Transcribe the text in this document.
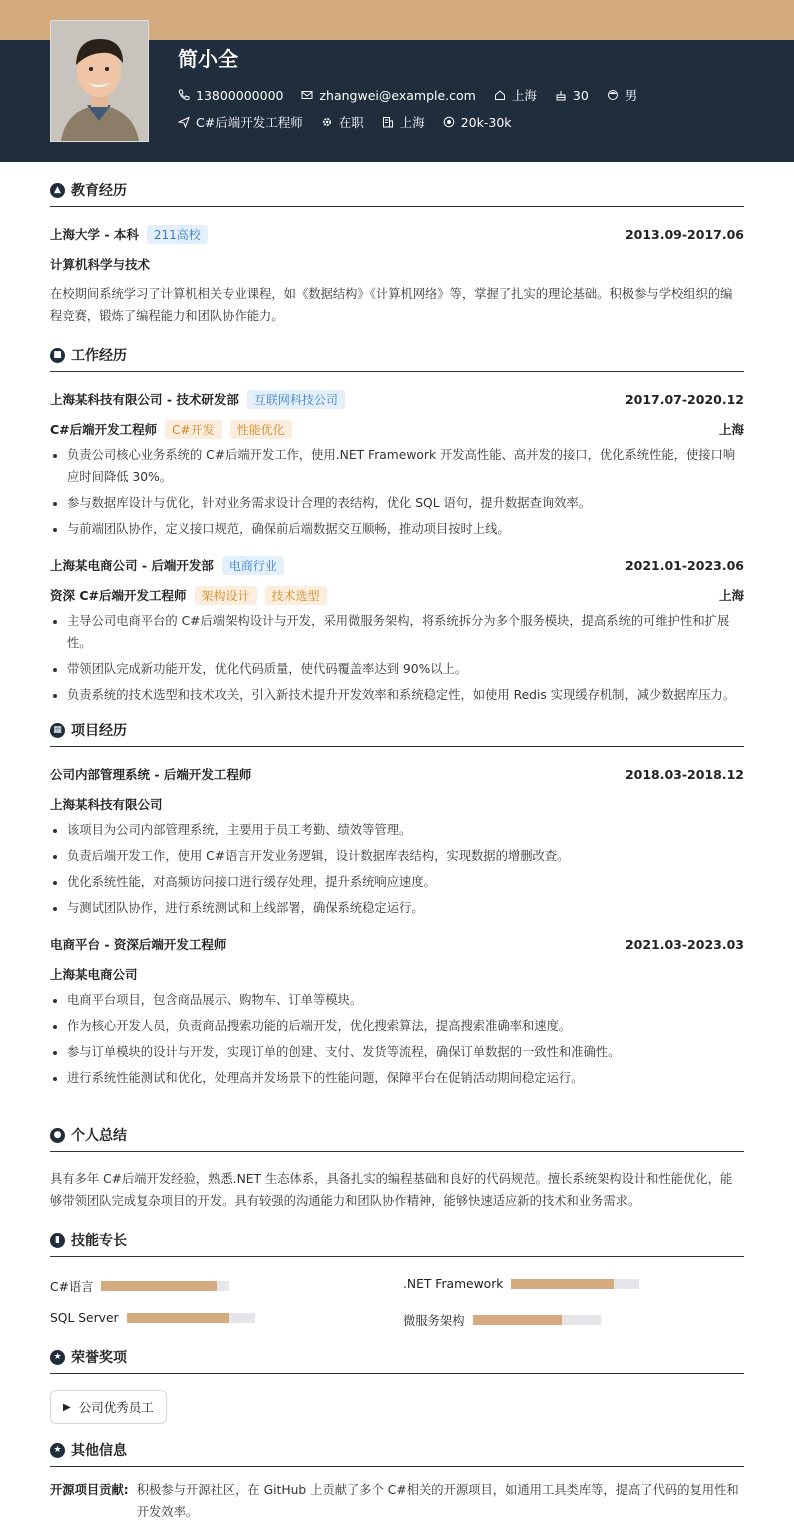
简小全
13800000000	zhangwei@example.com	上海	30	男
C#后端开发工程师	在职	上海	20k-30k
▲ 教育经历
上海大学 - 本科	211高校	2013.09-2017.06
计算机科学与技术

在校期间系统学习了计算机相关专业课程，如《数据结构》《计算机网络》等，掌握了扎实的理论基础。积极参与学校组织的编程竞赛，锻炼了编程能力和团队协作能力。

■ 工作经历
上海某科技有限公司 - 技术研发部	互联网科技公司	2017.07-2020.12
C#后端开发工程师	C#开发	性能优化	上海
• 负责公司核心业务系统的 C#后端开发工作，使用.NET Framework 开发高性能、高并发的接口，优化系统性能，使接口响应时间降低 30%。
• 参与数据库设计与优化，针对业务需求设计合理的表结构，优化 SQL 语句，提升数据查询效率。
• 与前端团队协作，定义接口规范，确保前后端数据交互顺畅，推动项目按时上线。
上海某电商公司 - 后端开发部	电商行业	2021.01-2023.06
资深 C#后端开发工程师	架构设计	技术选型	上海
• 主导公司电商平台的 C#后端架构设计与开发，采用微服务架构，将系统拆分为多个服务模块，提高系统的可维护性和扩展性。
• 带领团队完成新功能开发，优化代码质量，使代码覆盖率达到 90%以上。
• 负责系统的技术选型和技术攻关，引入新技术提升开发效率和系统稳定性，如使用 Redis 实现缓存机制，减少数据库压力。
▦ 项目经历
公司内部管理系统 - 后端开发工程师	2018.03-2018.12
上海某科技有限公司
• 该项目为公司内部管理系统，主要用于员工考勤、绩效等管理。
• 负责后端开发工作，使用 C#语言开发业务逻辑，设计数据库表结构，实现数据的增删改查。
• 优化系统性能，对高频访问接口进行缓存处理，提升系统响应速度。
• 与测试团队协作，进行系统测试和上线部署，确保系统稳定运行。
电商平台 - 资深后端开发工程师	2021.03-2023.03
上海某电商公司
• 电商平台项目，包含商品展示、购物车、订单等模块。
• 作为核心开发人员，负责商品搜索功能的后端开发，优化搜索算法，提高搜索准确率和速度。
• 参与订单模块的设计与开发，实现订单的创建、支付、发货等流程，确保订单数据的一致性和准确性。
• 进行系统性能测试和优化，处理高并发场景下的性能问题，保障平台在促销活动期间稳定运行。
● 个人总结

具有多年 C#后端开发经验，熟悉.NET 生态体系，具备扎实的编程基础和良好的代码规范。擅长系统架构设计和性能优化，能够带领团队完成复杂项目的开发。具有较强的沟通能力和团队协作精神，能够快速适应新的技术和业务需求。

▮ 技能专长
C#语言	.NET Framework
SQL Server	微服务架构
★ 荣誉奖项
▶ 公司优秀员工
★ 其他信息
开源项目贡献: 积极参与开源社区，在 GitHub 上贡献了多个 C#相关的开源项目，如通用工具类库等，提高了代码的复用性和开发效率。
